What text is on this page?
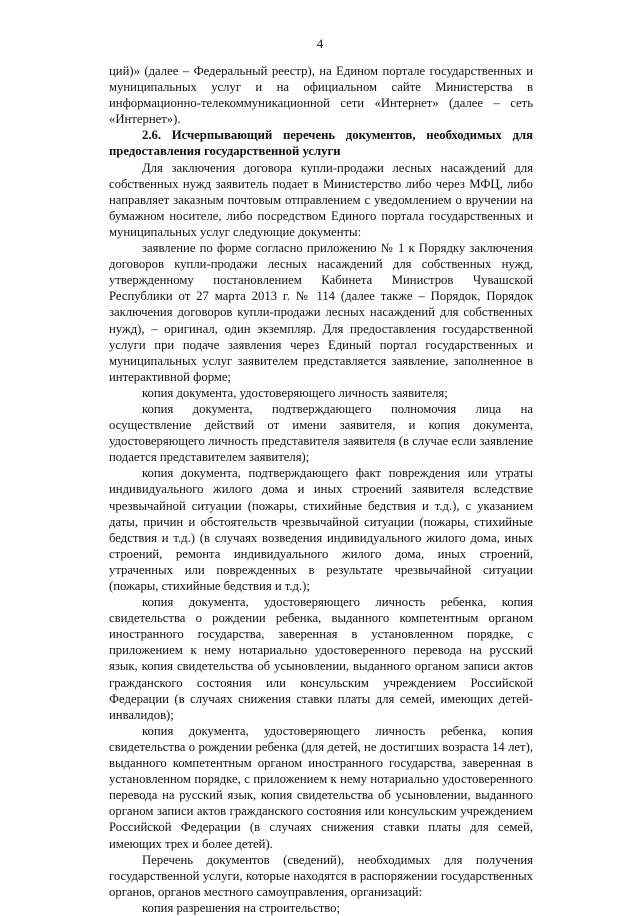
4

ций)» (далее – Федеральный реестр), на Едином портале государственных и муниципальных услуг и на официальном сайте Министерства в информационно-телекоммуникационной сети «Интернет» (далее – сеть «Интернет»).

2.6. Исчерпывающий перечень документов, необходимых для предоставления государственной услуги

Для заключения договора купли-продажи лесных насаждений для собственных нужд заявитель подает в Министерство либо через МФЦ, либо направляет заказным почтовым отправлением с уведомлением о вручении на бумажном носителе, либо посредством Единого портала государственных и муниципальных услуг следующие документы:

заявление по форме согласно приложению № 1 к Порядку заключения договоров купли-продажи лесных насаждений для собственных нужд, утвержденному постановлением Кабинета Министров Чувашской Республики от 27 марта 2013 г. № 114 (далее также – Порядок, Порядок заключения договоров купли-продажи лесных насаждений для собственных нужд), – оригинал, один экземпляр. Для предоставления государственной услуги при подаче заявления через Единый портал государственных и муниципальных услуг заявителем представляется заявление, заполненное в интерактивной форме;

копия документа, удостоверяющего личность заявителя;

копия документа, подтверждающего полномочия лица на осуществление действий от имени заявителя, и копия документа, удостоверяющего личность представителя заявителя (в случае если заявление подается представителем заявителя);

копия документа, подтверждающего факт повреждения или утраты индивидуального жилого дома и иных строений заявителя вследствие чрезвычайной ситуации (пожары, стихийные бедствия и т.д.), с указанием даты, причин и обстоятельств чрезвычайной ситуации (пожары, стихийные бедствия и т.д.) (в случаях возведения индивидуального жилого дома, иных строений, ремонта индивидуального жилого дома, иных строений, утраченных или поврежденных в результате чрезвычайной ситуации (пожары, стихийные бедствия и т.д.);

копия документа, удостоверяющего личность ребенка, копия свидетельства о рождении ребенка, выданного компетентным органом иностранного государства, заверенная в установленном порядке, с приложением к нему нотариально удостоверенного перевода на русский язык, копия свидетельства об усыновлении, выданного органом записи актов гражданского состояния или консульским учреждением Российской Федерации (в случаях снижения ставки платы для семей, имеющих детей-инвалидов);

копия документа, удостоверяющего личность ребенка, копия свидетельства о рождении ребенка (для детей, не достигших возраста 14 лет), выданного компетентным органом иностранного государства, заверенная в установленном порядке, с приложением к нему нотариально удостоверенного перевода на русский язык, копия свидетельства об усыновлении, выданного органом записи актов гражданского состояния или консульским учреждением Российской Федерации (в случаях снижения ставки платы для семей, имеющих трех и более детей).

Перечень документов (сведений), необходимых для получения государственной услуги, которые находятся в распоряжении государственных органов, органов местного самоуправления, организаций:

копия разрешения на строительство;
